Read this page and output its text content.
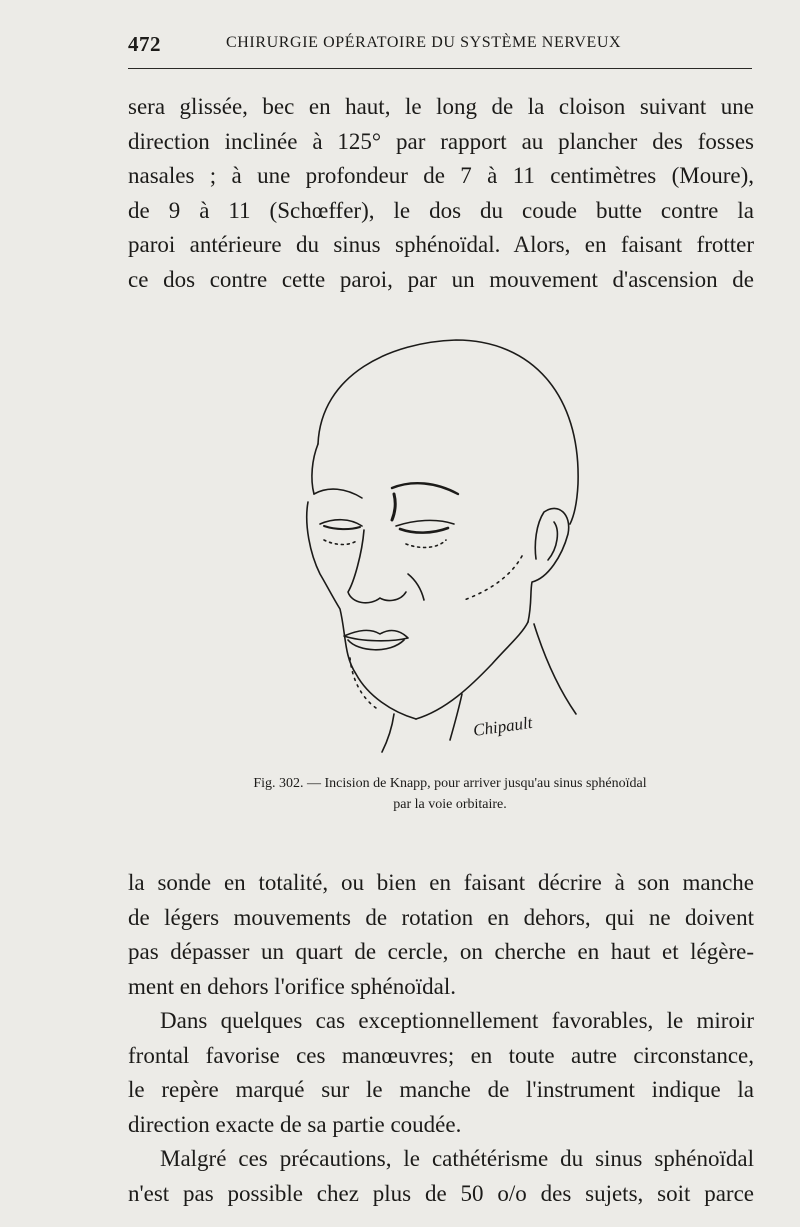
472	CHIRURGIE OPÉRATOIRE DU SYSTÈME NERVEUX
sera glissée, bec en haut, le long de la cloison suivant une
direction inclinée à 125° par rapport au plancher des fosses
nasales ; à une profondeur de 7 à 11 centimètres (Moure),
de 9 à 11 (Schœffer), le dos du coude butte contre la
paroi antérieure du sinus sphénoïdal. Alors, en faisant frotter
ce dos contre cette paroi, par un mouvement d'ascension de
Chipault
Fig. 302. — Incision de Knapp, pour arriver jusqu'au sinus sphénoïdal
par la voie orbitaire.
la sonde en totalité, ou bien en faisant décrire à son manche
de légers mouvements de rotation en dehors, qui ne doivent
pas dépasser un quart de cercle, on cherche en haut et légère-
ment en dehors l'orifice sphénoïdal.
Dans quelques cas exceptionnellement favorables, le miroir
frontal favorise ces manœuvres; en toute autre circonstance,
le repère marqué sur le manche de l'instrument indique la
direction exacte de sa partie coudée.
Malgré ces précautions, le cathétérisme du sinus sphénoïdal
n'est pas possible chez plus de 50 o/o des sujets, soit parce
